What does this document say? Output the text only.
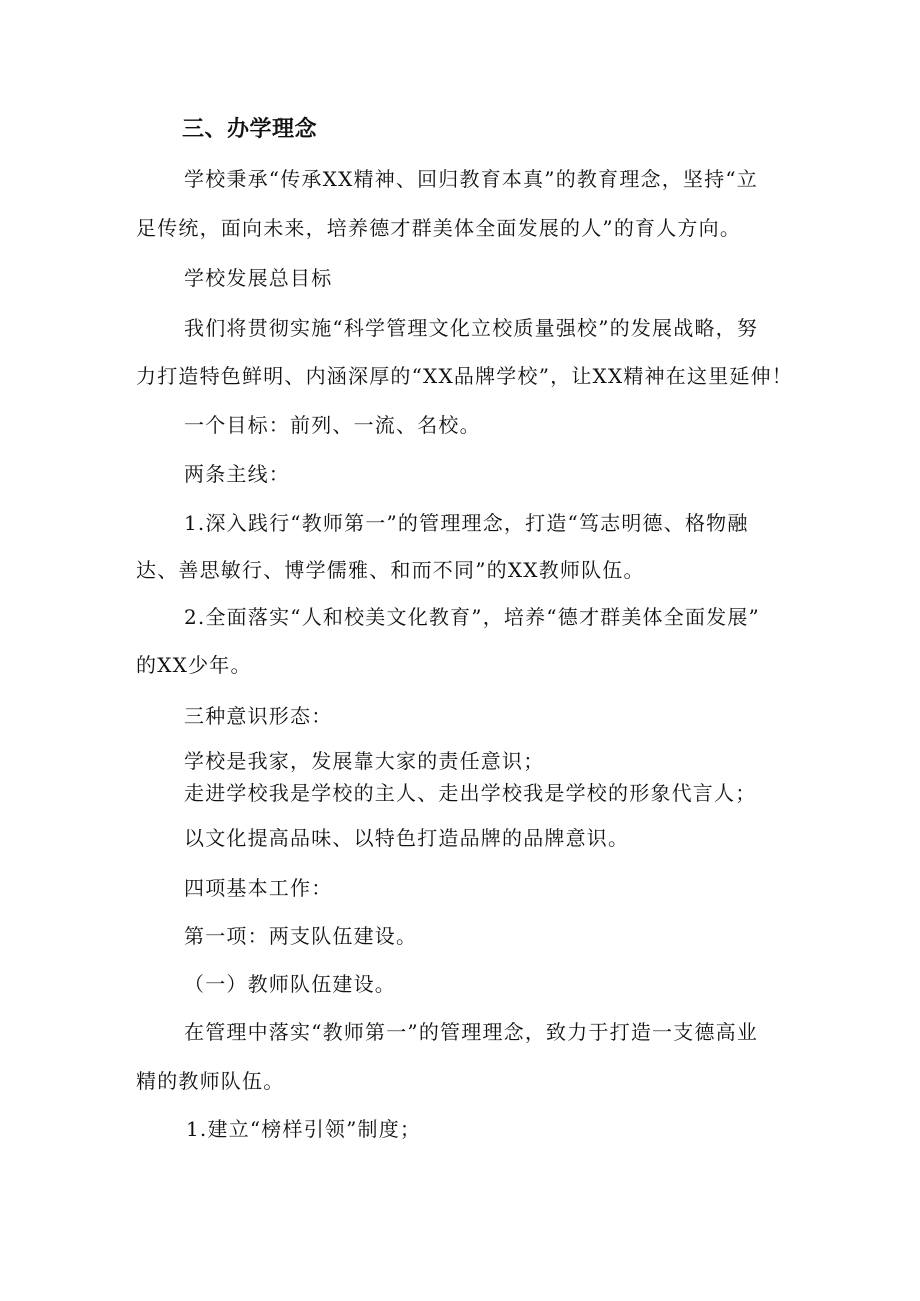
三、办学理念
学校秉承“传承XX精神、回归教育本真”的教育理念，坚持“立
足传统，面向未来，培养德才群美体全面发展的人”的育人方向。
学校发展总目标
我们将贯彻实施“科学管理文化立校质量强校”的发展战略，努
力打造特色鲜明、内涵深厚的“XX品牌学校”，让XX精神在这里延伸！
一个目标：前列、一流、名校。
两条主线：
1.深入践行“教师第一”的管理理念，打造“笃志明德、格物融
达、善思敏行、博学儒雅、和而不同”的XX教师队伍。
2.全面落实“人和校美文化教育”，培养“德才群美体全面发展”
的XX少年。
三种意识形态：
学校是我家，发展靠大家的责任意识；
走进学校我是学校的主人、走出学校我是学校的形象代言人；
以文化提高品味、以特色打造品牌的品牌意识。
四项基本工作：
第一项：两支队伍建设。
（一）教师队伍建设。
在管理中落实“教师第一”的管理理念，致力于打造一支德高业
精的教师队伍。
1.建立“榜样引领”制度；
